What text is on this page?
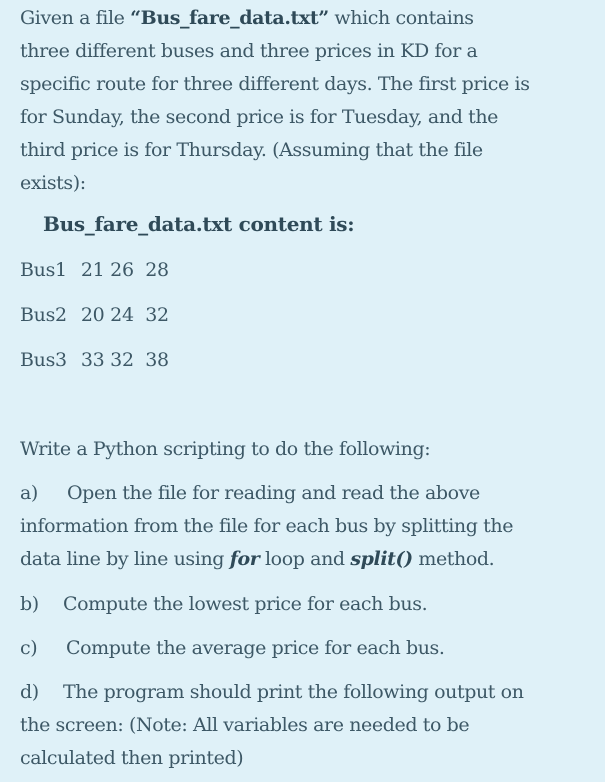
Given a file “Bus_fare_data.txt” which contains
three different buses and three prices in KD for a
specific route for three different days. The first price is
for Sunday, the second price is for Tuesday, and the
third price is for Thursday. (Assuming that the file
exists):
Bus_fare_data.txt content is:
Bus1 21 26  28
Bus2 20 24  32
Bus3 33 32  38
Write a Python scripting to do the following:
a) Open the file for reading and read the above
information from the file for each bus by splitting the
data line by line using for loop and split() method.
b) Compute the lowest price for each bus.
c) Compute the average price for each bus.
d) The program should print the following output on
the screen: (Note: All variables are needed to be
calculated then printed)
